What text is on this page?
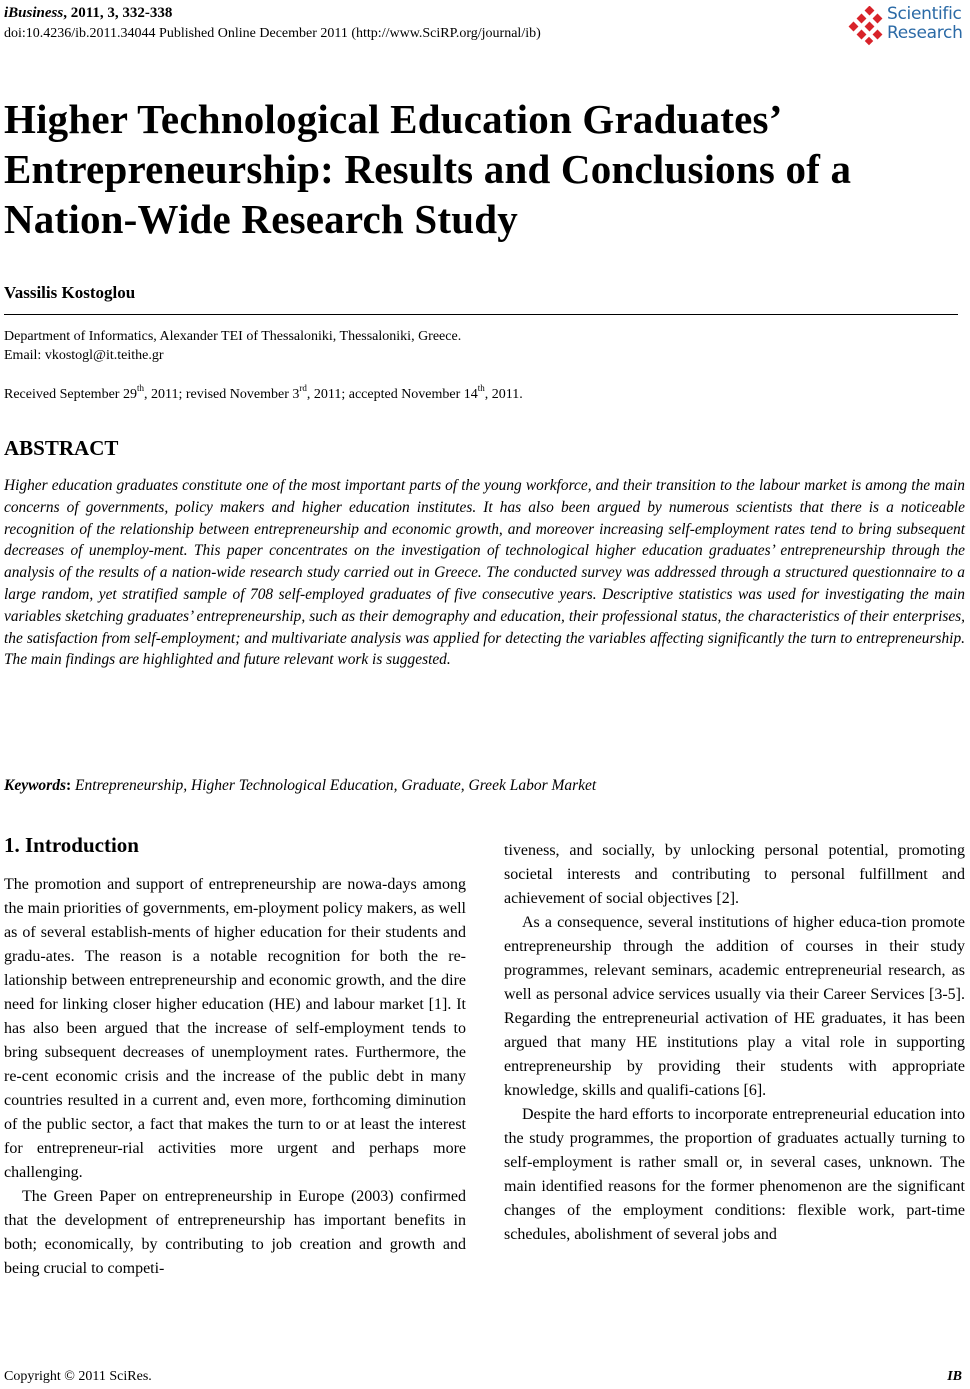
iBusiness, 2011, 3, 332-338
doi:10.4236/ib.2011.34044 Published Online December 2011 (http://www.SciRP.org/journal/ib)
Scientific
Research
Higher Technological Education Graduates’
Entrepreneurship: Results and Conclusions of a
Nation-Wide Research Study
Vassilis Kostoglou
Department of Informatics, Alexander TEI of Thessaloniki, Thessaloniki, Greece.
Email: vkostogl@it.teithe.gr
Received September 29th, 2011; revised November 3rd, 2011; accepted November 14th, 2011.
ABSTRACT
Higher education graduates constitute one of the most important parts of the young workforce, and their transition to the labour market is among the main concerns of governments, policy makers and higher education institutes. It has also been argued by numerous scientists that there is a noticeable recognition of the relationship between entrepreneurship and economic growth, and moreover increasing self-employment rates tend to bring subsequent decreases of unemploy-ment. This paper concentrates on the investigation of technological higher education graduates’ entrepreneurship through the analysis of the results of a nation-wide research study carried out in Greece. The conducted survey was addressed through a structured questionnaire to a large random, yet stratified sample of 708 self-employed graduates of five consecutive years. Descriptive statistics was used for investigating the main variables sketching graduates’ entrepreneurship, such as their demography and education, their professional status, the characteristics of their enterprises, the satisfaction from self-employment; and multivariate analysis was applied for detecting the variables affecting significantly the turn to entrepreneurship. The main findings are highlighted and future relevant work is suggested.
Keywords: Entrepreneurship, Higher Technological Education, Graduate, Greek Labor Market
1. Introduction

The promotion and support of entrepreneurship are nowa-days among the main priorities of governments, em-ployment policy makers, as well as of several establish-ments of higher education for their students and gradu-ates. The reason is a notable recognition for both the re-lationship between entrepreneurship and economic growth, and the dire need for linking closer higher education (HE) and labour market [1]. It has also been argued that the increase of self-employment tends to bring subsequent decreases of unemployment rates. Furthermore, the re-cent economic crisis and the increase of the public debt in many countries resulted in a current and, even more, forthcoming diminution of the public sector, a fact that makes the turn to or at least the interest for entrepreneur-rial activities more urgent and perhaps more challenging.

The Green Paper on entrepreneurship in Europe (2003) confirmed that the development of entrepreneurship has important benefits in both; economically, by contributing to job creation and growth and being crucial to competi-

tiveness, and socially, by unlocking personal potential, promoting societal interests and contributing to personal fulfillment and achievement of social objectives [2].

As a consequence, several institutions of higher educa-tion promote entrepreneurship through the addition of courses in their study programmes, relevant seminars, academic entrepreneurial research, as well as personal advice services usually via their Career Services [3-5]. Regarding the entrepreneurial activation of HE graduates, it has been argued that many HE institutions play a vital role in supporting entrepreneurship by providing their students with appropriate knowledge, skills and qualifi-cations [6].

Despite the hard efforts to incorporate entrepreneurial education into the study programmes, the proportion of graduates actually turning to self-employment is rather small or, in several cases, unknown. The main identified reasons for the former phenomenon are the significant changes of the employment conditions: flexible work, part-time schedules, abolishment of several jobs and

Copyright © 2011 SciRes.	IB
